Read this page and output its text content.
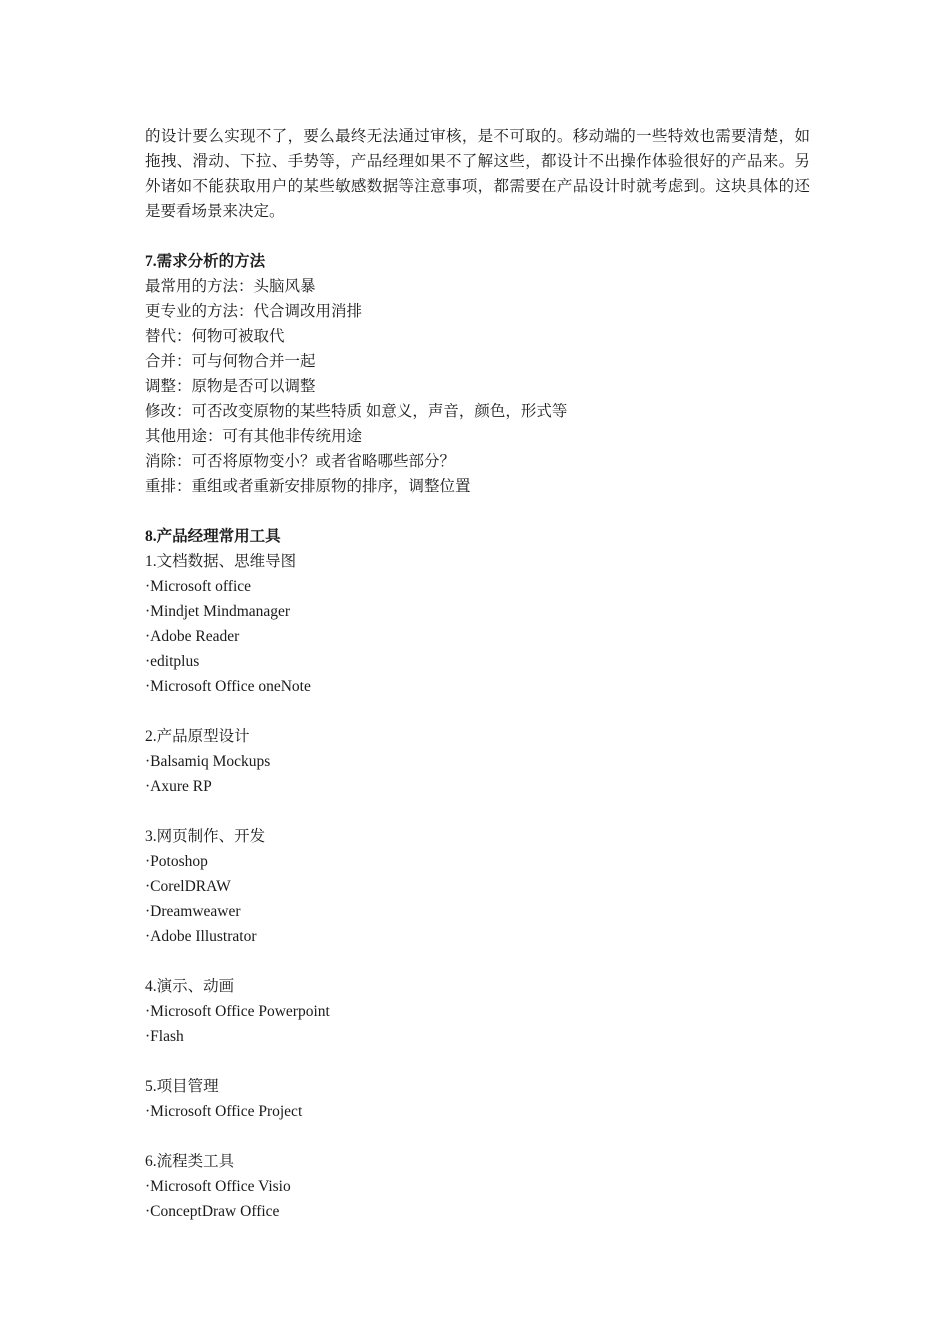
的设计要么实现不了，要么最终无法通过审核，是不可取的。移动端的一些特效也需要清楚，如拖拽、滑动、下拉、手势等，产品经理如果不了解这些，都设计不出操作体验很好的产品来。另外诸如不能获取用户的某些敏感数据等注意事项，都需要在产品设计时就考虑到。这块具体的还是要看场景来决定。

7.需求分析的方法
最常用的方法：头脑风暴
更专业的方法：代合调改用消排
替代：何物可被取代
合并：可与何物合并一起
调整：原物是否可以调整
修改：可否改变原物的某些特质 如意义，声音，颜色，形式等
其他用途：可有其他非传统用途
消除：可否将原物变小？或者省略哪些部分？
重排：重组或者重新安排原物的排序，调整位置
8.产品经理常用工具
1.文档数据、思维导图
·Microsoft office
·Mindjet Mindmanager
·Adobe Reader
·editplus
·Microsoft Office oneNote
2.产品原型设计
·Balsamiq Mockups
·Axure RP
3.网页制作、开发
·Potoshop
·CorelDRAW
·Dreamweawer
·Adobe Illustrator
4.演示、动画
·Microsoft Office Powerpoint
·Flash
5.项目管理
·Microsoft Office Project
6.流程类工具
·Microsoft Office Visio
·ConceptDraw Office
